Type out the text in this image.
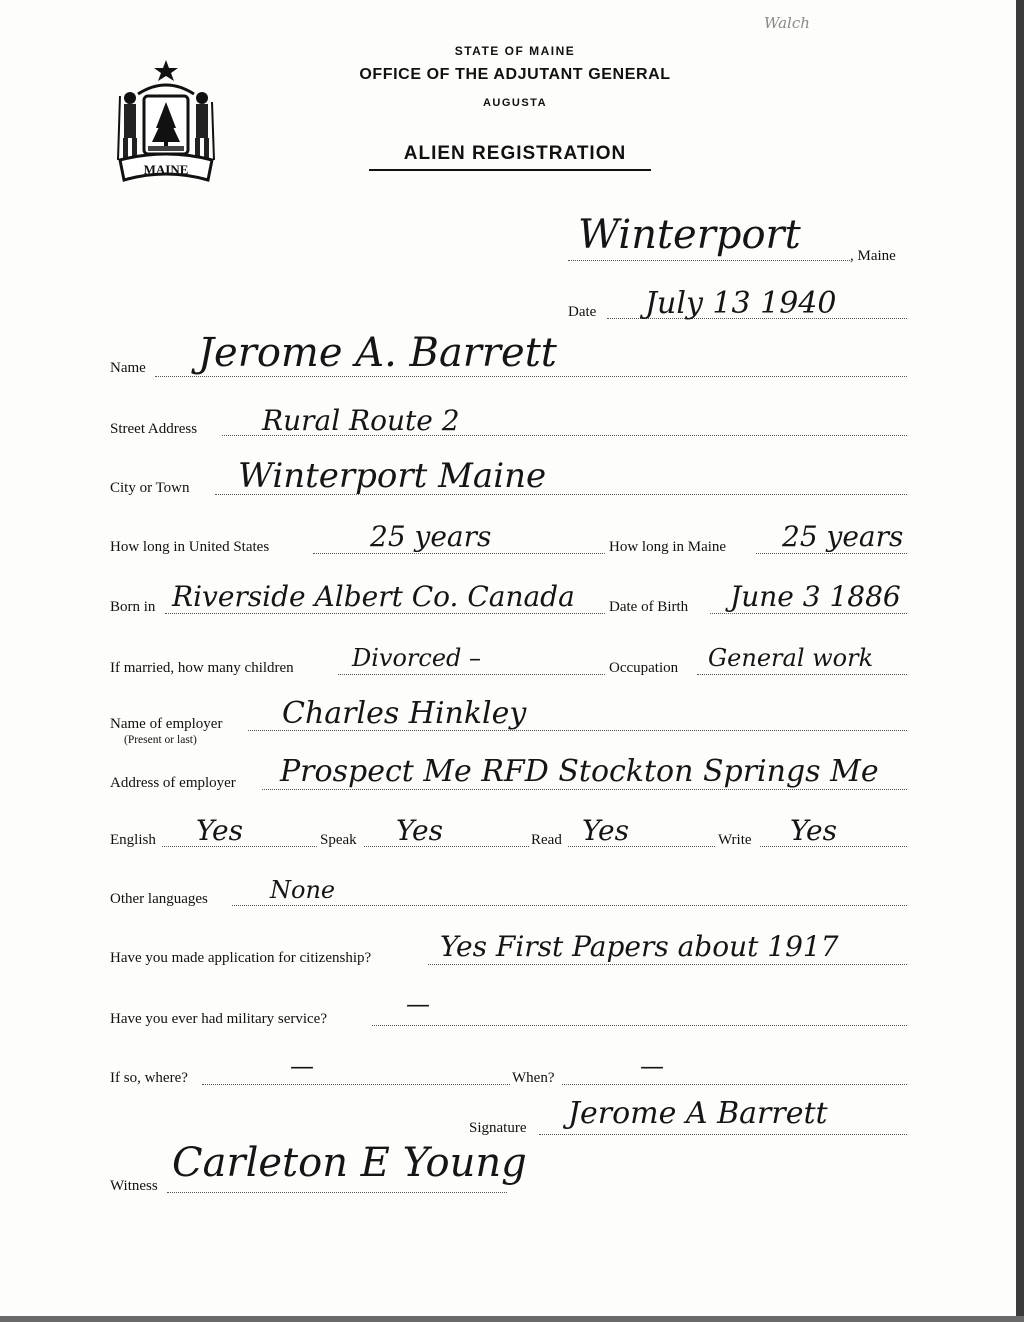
Walch
MAINE
STATE OF MAINE
OFFICE OF THE ADJUTANT GENERAL
AUGUSTA
ALIEN REGISTRATION
Winterport	, Maine
Date July 13 1940
Name Jerome A. Barrett
Street Address Rural Route 2
City or Town Winterport Maine
How long in United States	25 years	How long in Maine 25 years
Born in Riverside Albert Co. Canada Date of Birth June 3 1886
If married, how many children Divorced –	Occupation General work
Name of employer
(Present or last)
Charles Hinkley
Address of employer Prospect Me RFD Stockton Springs Me
English Yes	Speak Yes	Read Yes	Write Yes
Other languages	None
Have you made application for citizenship? Yes First Papers about 1917
Have you ever had military service?
—
If so, where?	—	When?	—
Signature Jerome A Barrett
Witness Carleton E Young
